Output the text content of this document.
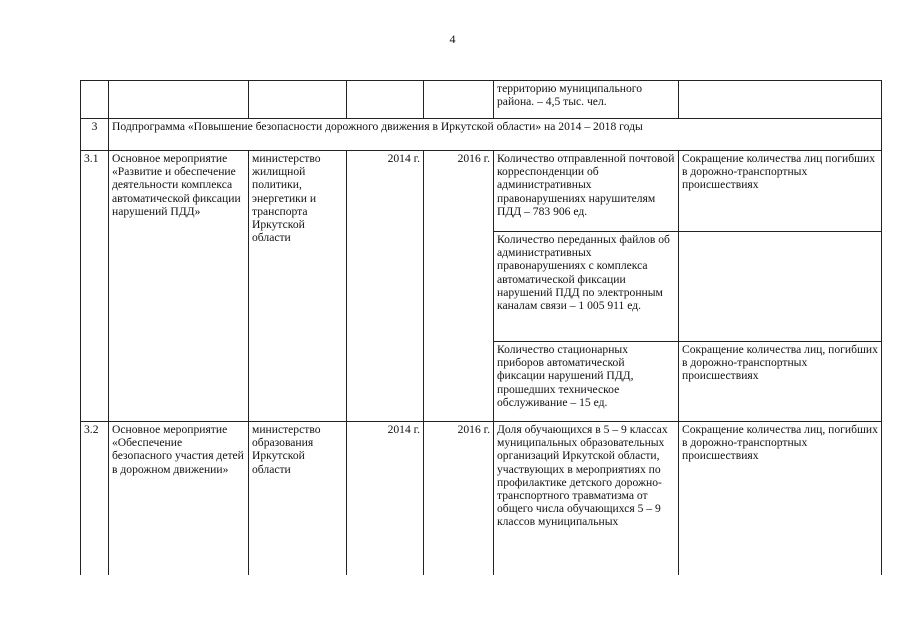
4
					территорию муниципального района. – 4,5 тыс. чел.	
3	Подпрограмма «Повышение безопасности дорожного движения в Иркутской области» на 2014 – 2018 годы					
3.1	Основное мероприятие «Развитие и обеспечение деятельности комплекса автоматической фиксации нарушений ПДД»	министерство жилищной политики, энергетики и транспорта Иркутской области	2014 г.	2016 г.	Количество отправленной почтовой корреспонденции об административных правонарушениях нарушителям ПДД – 783 906 ед.	Сокращение количества лиц погибших в дорожно-транспортных происшествиях
					Количество переданных файлов об административных правонарушениях с комплекса автоматической фиксации нарушений ПДД по электронным каналам связи – 1 005 911 ед.	
					Количество стационарных приборов автоматической фиксации нарушений ПДД, прошедших техническое обслуживание – 15 ед.	Сокращение количества лиц, погибших в дорожно-транспортных происшествиях
3.2	Основное мероприятие «Обеспечение безопасного участия детей в дорожном движении»	министерство образования Иркутской области	2014 г.	2016 г.	Доля обучающихся в 5 – 9 классах муниципальных образовательных организаций Иркутской области, участвующих в мероприятиях по профилактике детского дорожно-транспортного травматизма от общего числа обучающихся 5 – 9 классов муниципальных	Сокращение количества лиц, погибших в дорожно-транспортных происшествиях
